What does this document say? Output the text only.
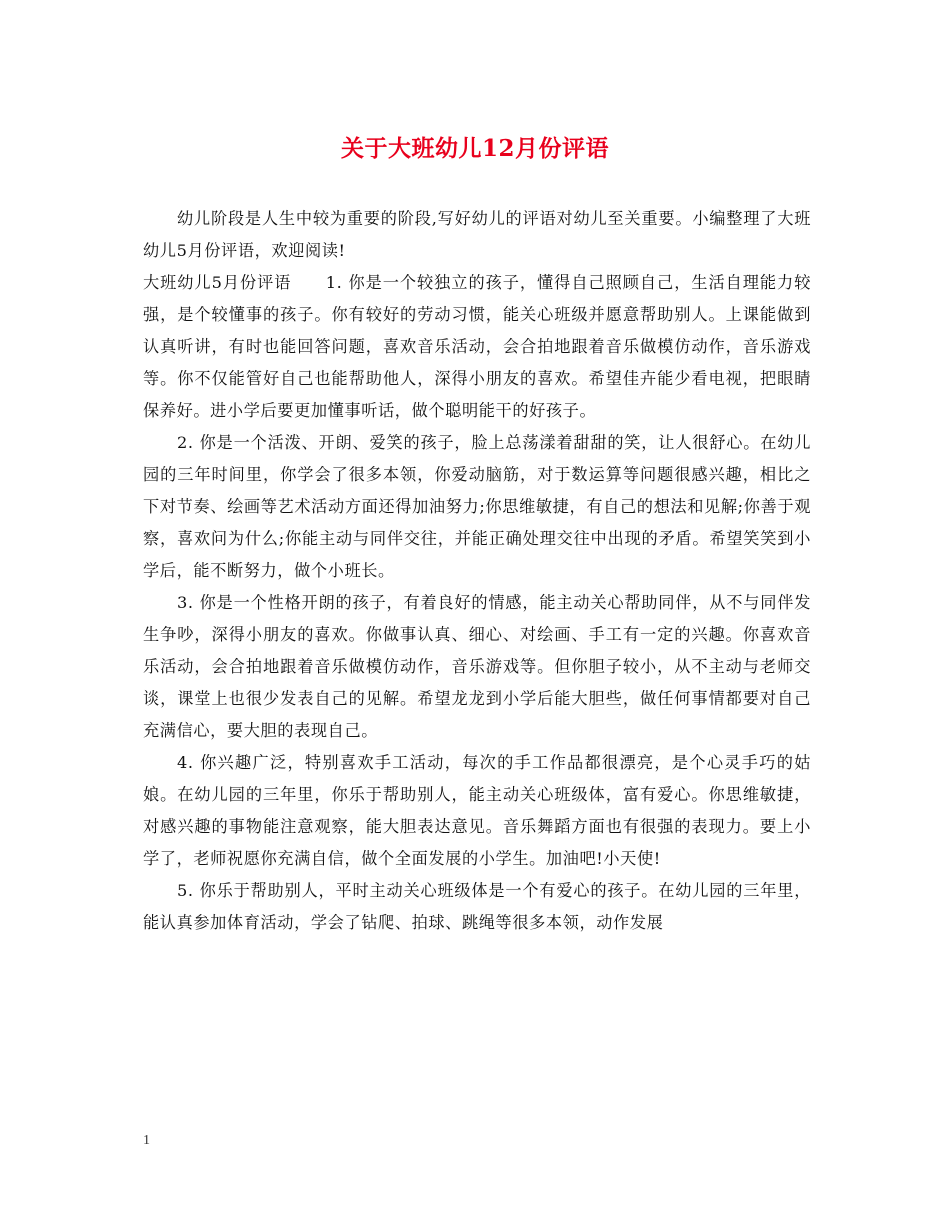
关于大班幼儿12月份评语

幼儿阶段是人生中较为重要的阶段,写好幼儿的评语对幼儿至关重要。小编整理了大班幼儿5月份评语，欢迎阅读!

大班幼儿5月份评语　　1. 你是一个较独立的孩子，懂得自己照顾自己，生活自理能力较强，是个较懂事的孩子。你有较好的劳动习惯，能关心班级并愿意帮助别人。上课能做到认真听讲，有时也能回答问题，喜欢音乐活动，会合拍地跟着音乐做模仿动作，音乐游戏等。你不仅能管好自己也能帮助他人，深得小朋友的喜欢。希望佳卉能少看电视，把眼睛保养好。进小学后要更加懂事听话，做个聪明能干的好孩子。

2. 你是一个活泼、开朗、爱笑的孩子，脸上总荡漾着甜甜的笑，让人很舒心。在幼儿园的三年时间里，你学会了很多本领，你爱动脑筋，对于数运算等问题很感兴趣，相比之下对节奏、绘画等艺术活动方面还得加油努力;你思维敏捷，有自己的想法和见解;你善于观察，喜欢问为什么;你能主动与同伴交往，并能正确处理交往中出现的矛盾。希望笑笑到小学后，能不断努力，做个小班长。

3. 你是一个性格开朗的孩子，有着良好的情感，能主动关心帮助同伴，从不与同伴发生争吵，深得小朋友的喜欢。你做事认真、细心、对绘画、手工有一定的兴趣。你喜欢音乐活动，会合拍地跟着音乐做模仿动作，音乐游戏等。但你胆子较小，从不主动与老师交谈，课堂上也很少发表自己的见解。希望龙龙到小学后能大胆些，做任何事情都要对自己充满信心，要大胆的表现自己。

4. 你兴趣广泛，特别喜欢手工活动，每次的手工作品都很漂亮，是个心灵手巧的姑娘。在幼儿园的三年里，你乐于帮助别人，能主动关心班级体，富有爱心。你思维敏捷，对感兴趣的事物能注意观察，能大胆表达意见。音乐舞蹈方面也有很强的表现力。要上小学了，老师祝愿你充满自信，做个全面发展的小学生。加油吧!小天使!

5. 你乐于帮助别人，平时主动关心班级体是一个有爱心的孩子。在幼儿园的三年里，能认真参加体育活动，学会了钻爬、拍球、跳绳等很多本领，动作发展

1
